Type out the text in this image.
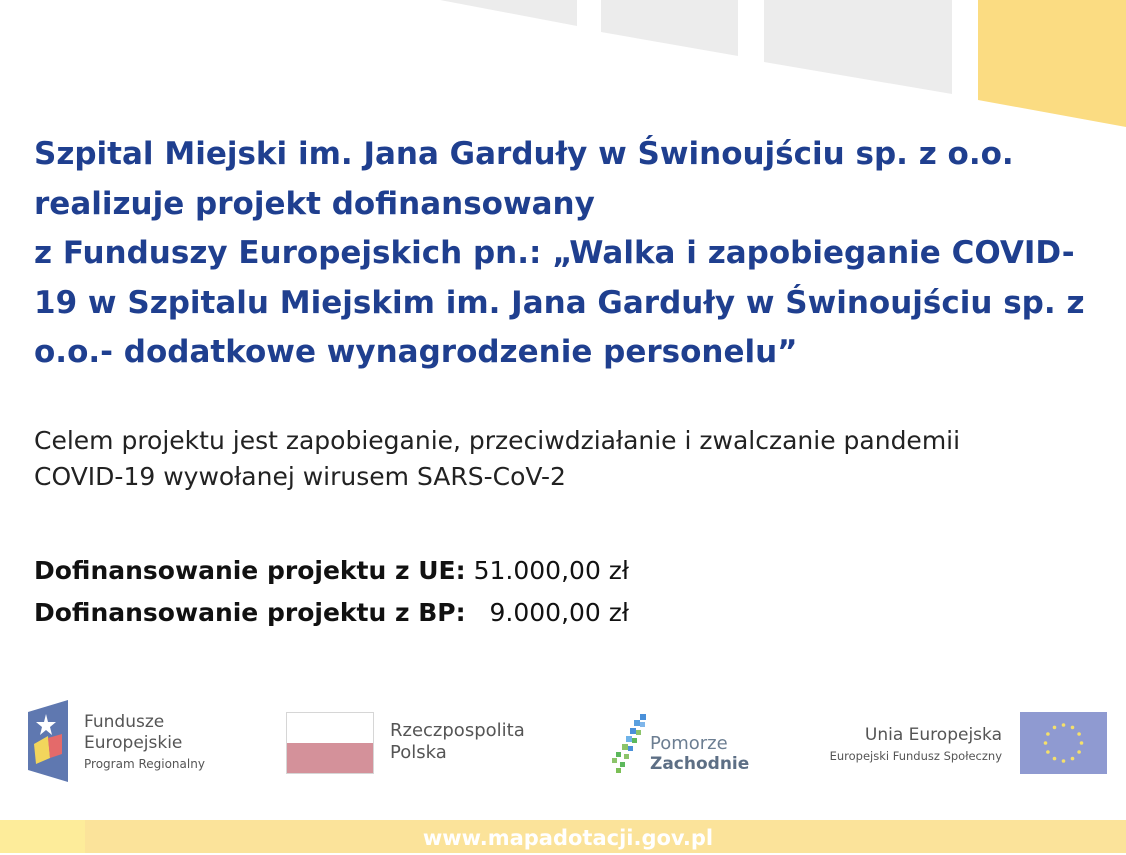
Szpital Miejski im. Jana Garduły w Świnoujściu sp. z o.o.
realizuje projekt dofinansowany
z Funduszy Europejskich pn.: „Walka i zapobieganie COVID-
19 w Szpitalu Miejskim im. Jana Garduły w Świnoujściu sp. z
o.o.- dodatkowe wynagrodzenie personelu”

Celem projektu jest zapobieganie, przeciwdziałanie i zwalczanie pandemii
COVID-19 wywołanej wirusem SARS-CoV-2

Dofinansowanie projektu z UE: 51.000,00 zł
Dofinansowanie projektu z BP:  9.000,00 zł
Fundusze
Europejskie
Program Regionalny
Rzeczpospolita
Polska	Pomorze
Zachodnie
Unia Europejska
Europejski Fundusz Społeczny
www.mapadotacji.gov.pl
